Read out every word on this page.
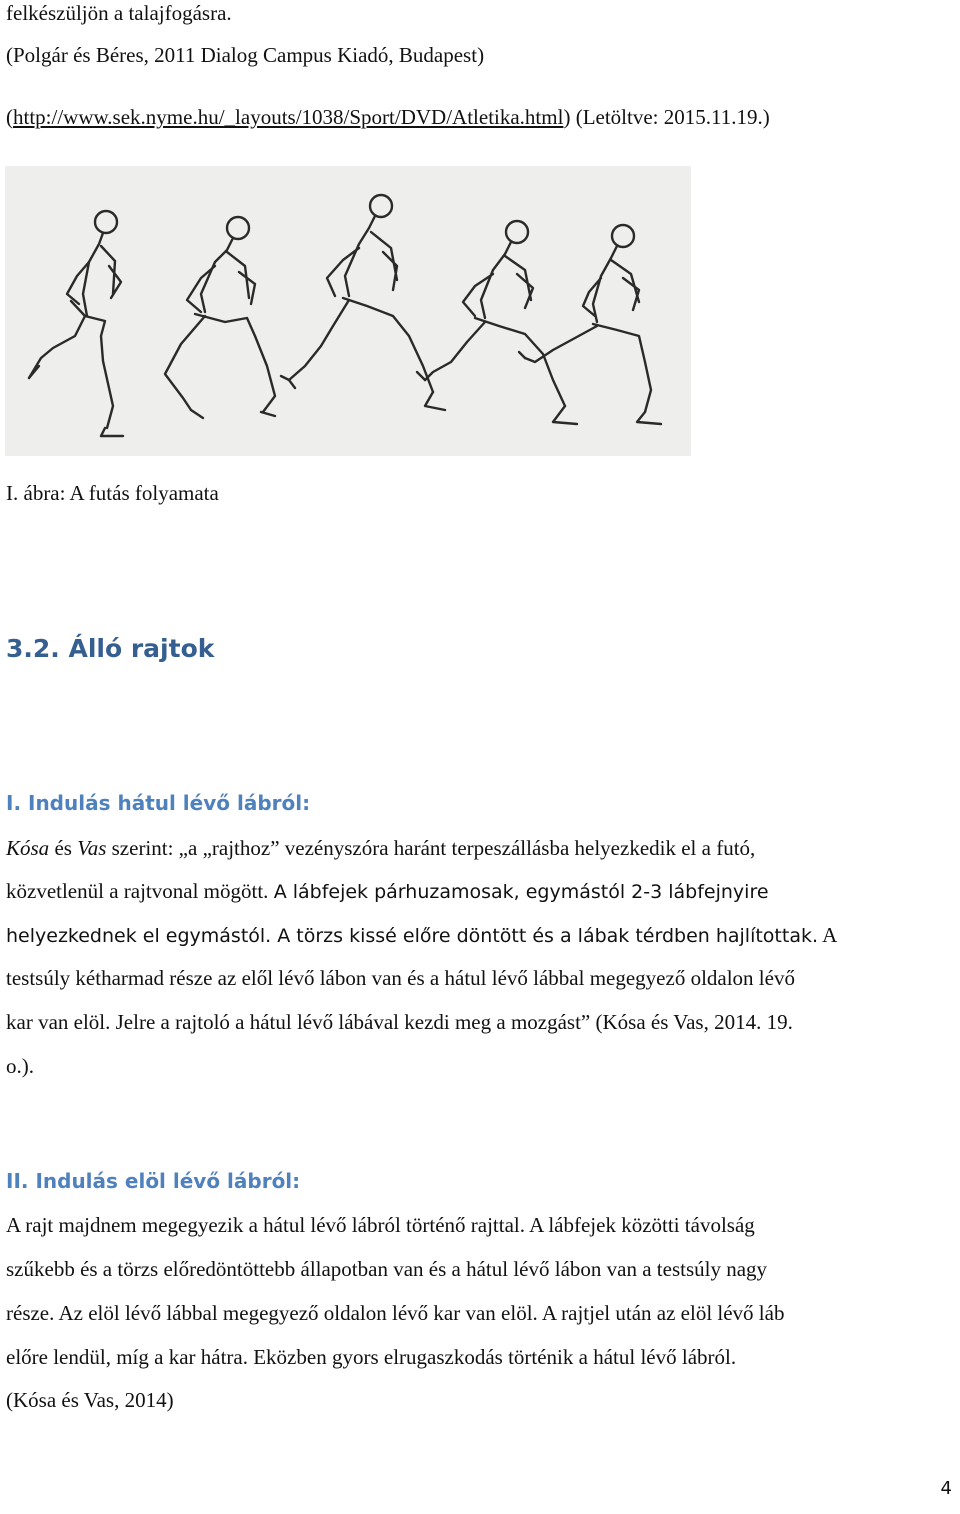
felkészüljön a talajfogásra.
(Polgár és Béres, 2011 Dialog Campus Kiadó, Budapest)
(http://www.sek.nyme.hu/_layouts/1038/Sport/DVD/Atletika.html) (Letöltve: 2015.11.19.)
I. ábra: A futás folyamata
3.2. Álló rajtok
I. Indulás hátul lévő lábról:
Kósa és Vas szerint: „a „rajthoz” vezényszóra haránt terpeszállásba helyezkedik el a futó,
közvetlenül a rajtvonal mögött. A lábfejek párhuzamosak, egymástól 2-3 lábfejnyire
helyezkednek el egymástól. A törzs kissé előre döntött és a lábak térdben hajlítottak. A
testsúly kétharmad része az elől lévő lábon van és a hátul lévő lábbal megegyező oldalon lévő
kar van elöl. Jelre a rajtoló a hátul lévő lábával kezdi meg a mozgást” (Kósa és Vas, 2014. 19.
o.).
II. Indulás elöl lévő lábról:
A rajt majdnem megegyezik a hátul lévő lábról történő rajttal. A lábfejek közötti távolság
szűkebb és a törzs előredöntöttebb állapotban van és a hátul lévő lábon van a testsúly nagy
része. Az elöl lévő lábbal megegyező oldalon lévő kar van elöl. A rajtjel után az elöl lévő láb
előre lendül, míg a kar hátra. Eközben gyors elrugaszkodás történik a hátul lévő lábról.
(Kósa és Vas, 2014)
4
